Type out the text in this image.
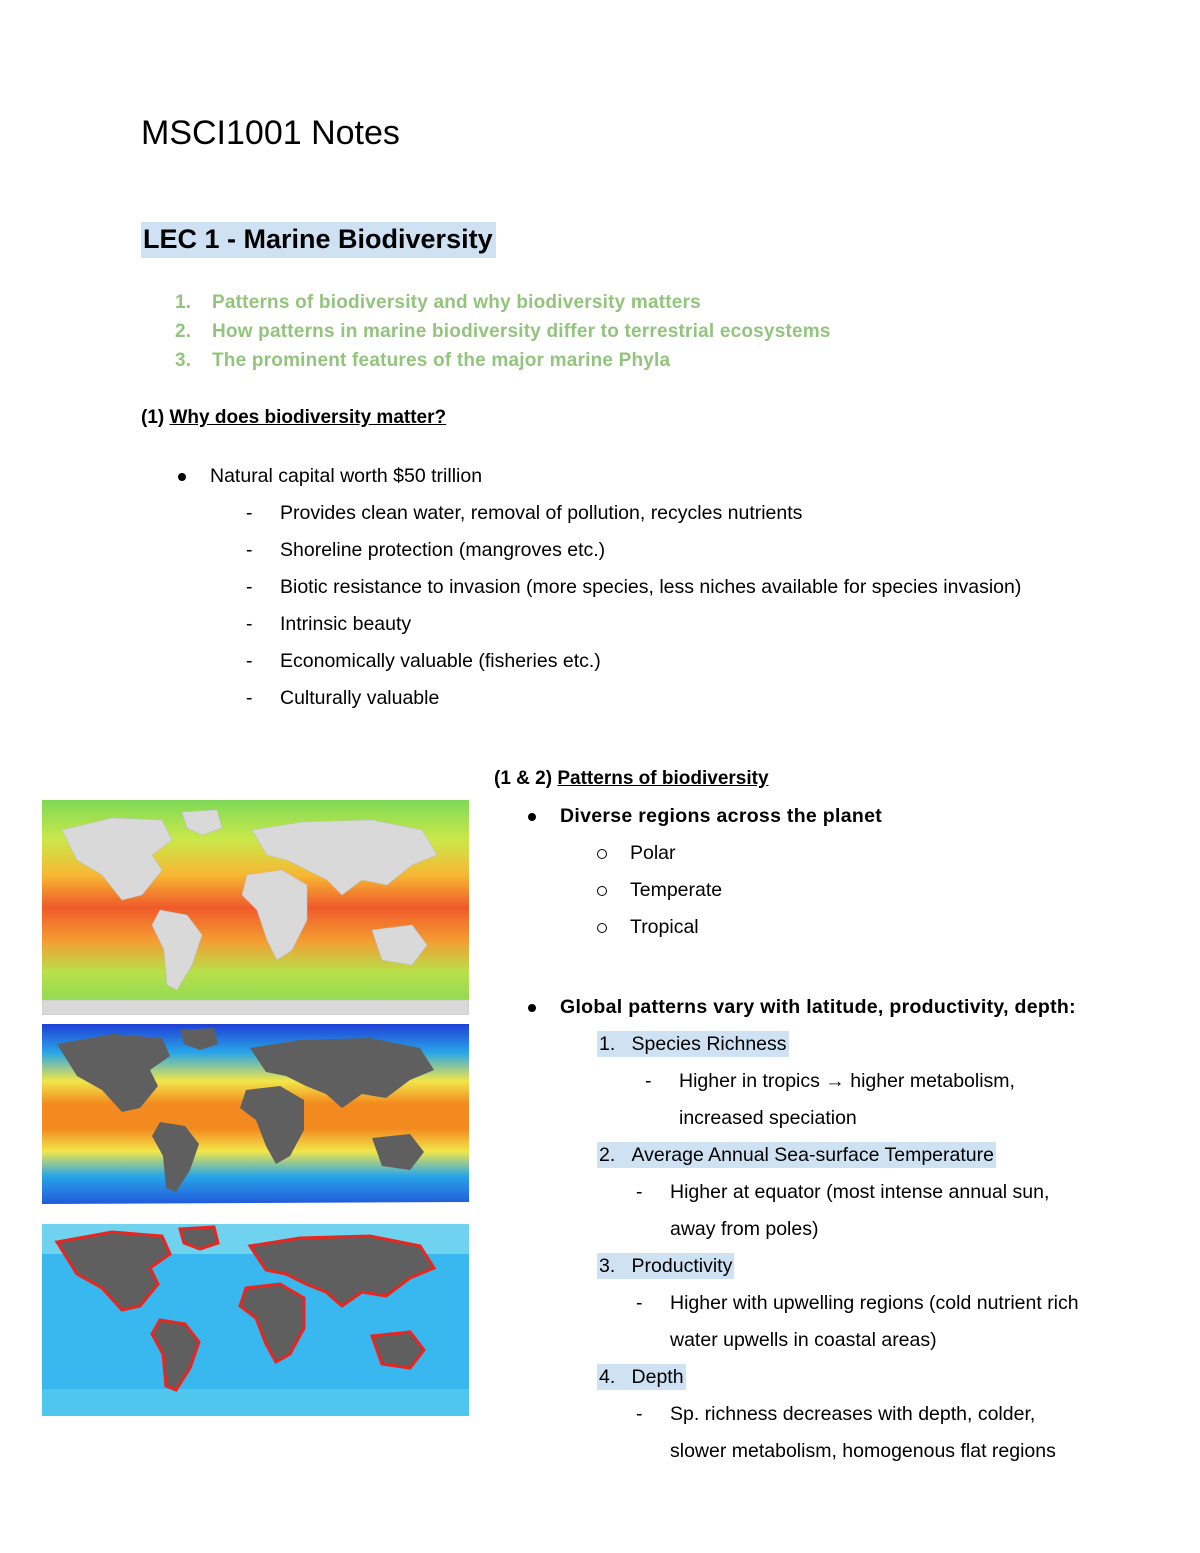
MSCI1001 Notes
LEC 1 - Marine Biodiversity
1. Patterns of biodiversity and why biodiversity matters
2. How patterns in marine biodiversity differ to terrestrial ecosystems
3. The prominent features of the major marine Phyla
(1) Why does biodiversity matter?
Natural capital worth $50 trillion
- Provides clean water, removal of pollution, recycles nutrients
- Shoreline protection (mangroves etc.)
- Biotic resistance to invasion (more species, less niches available for species invasion)
- Intrinsic beauty
- Economically valuable (fisheries etc.)
- Culturally valuable
(1 & 2) Patterns of biodiversity
Diverse regions across the planet
Polar
Temperate
Tropical
Global patterns vary with latitude, productivity, depth:
1. Species Richness
- Higher in tropics → higher metabolism,
increased speciation
2. Average Annual Sea-surface Temperature
- Higher at equator (most intense annual sun,
away from poles)
3. Productivity
- Higher with upwelling regions (cold nutrient rich
water upwells in coastal areas)
4. Depth
- Sp. richness decreases with depth, colder,
slower metabolism, homogenous flat regions
